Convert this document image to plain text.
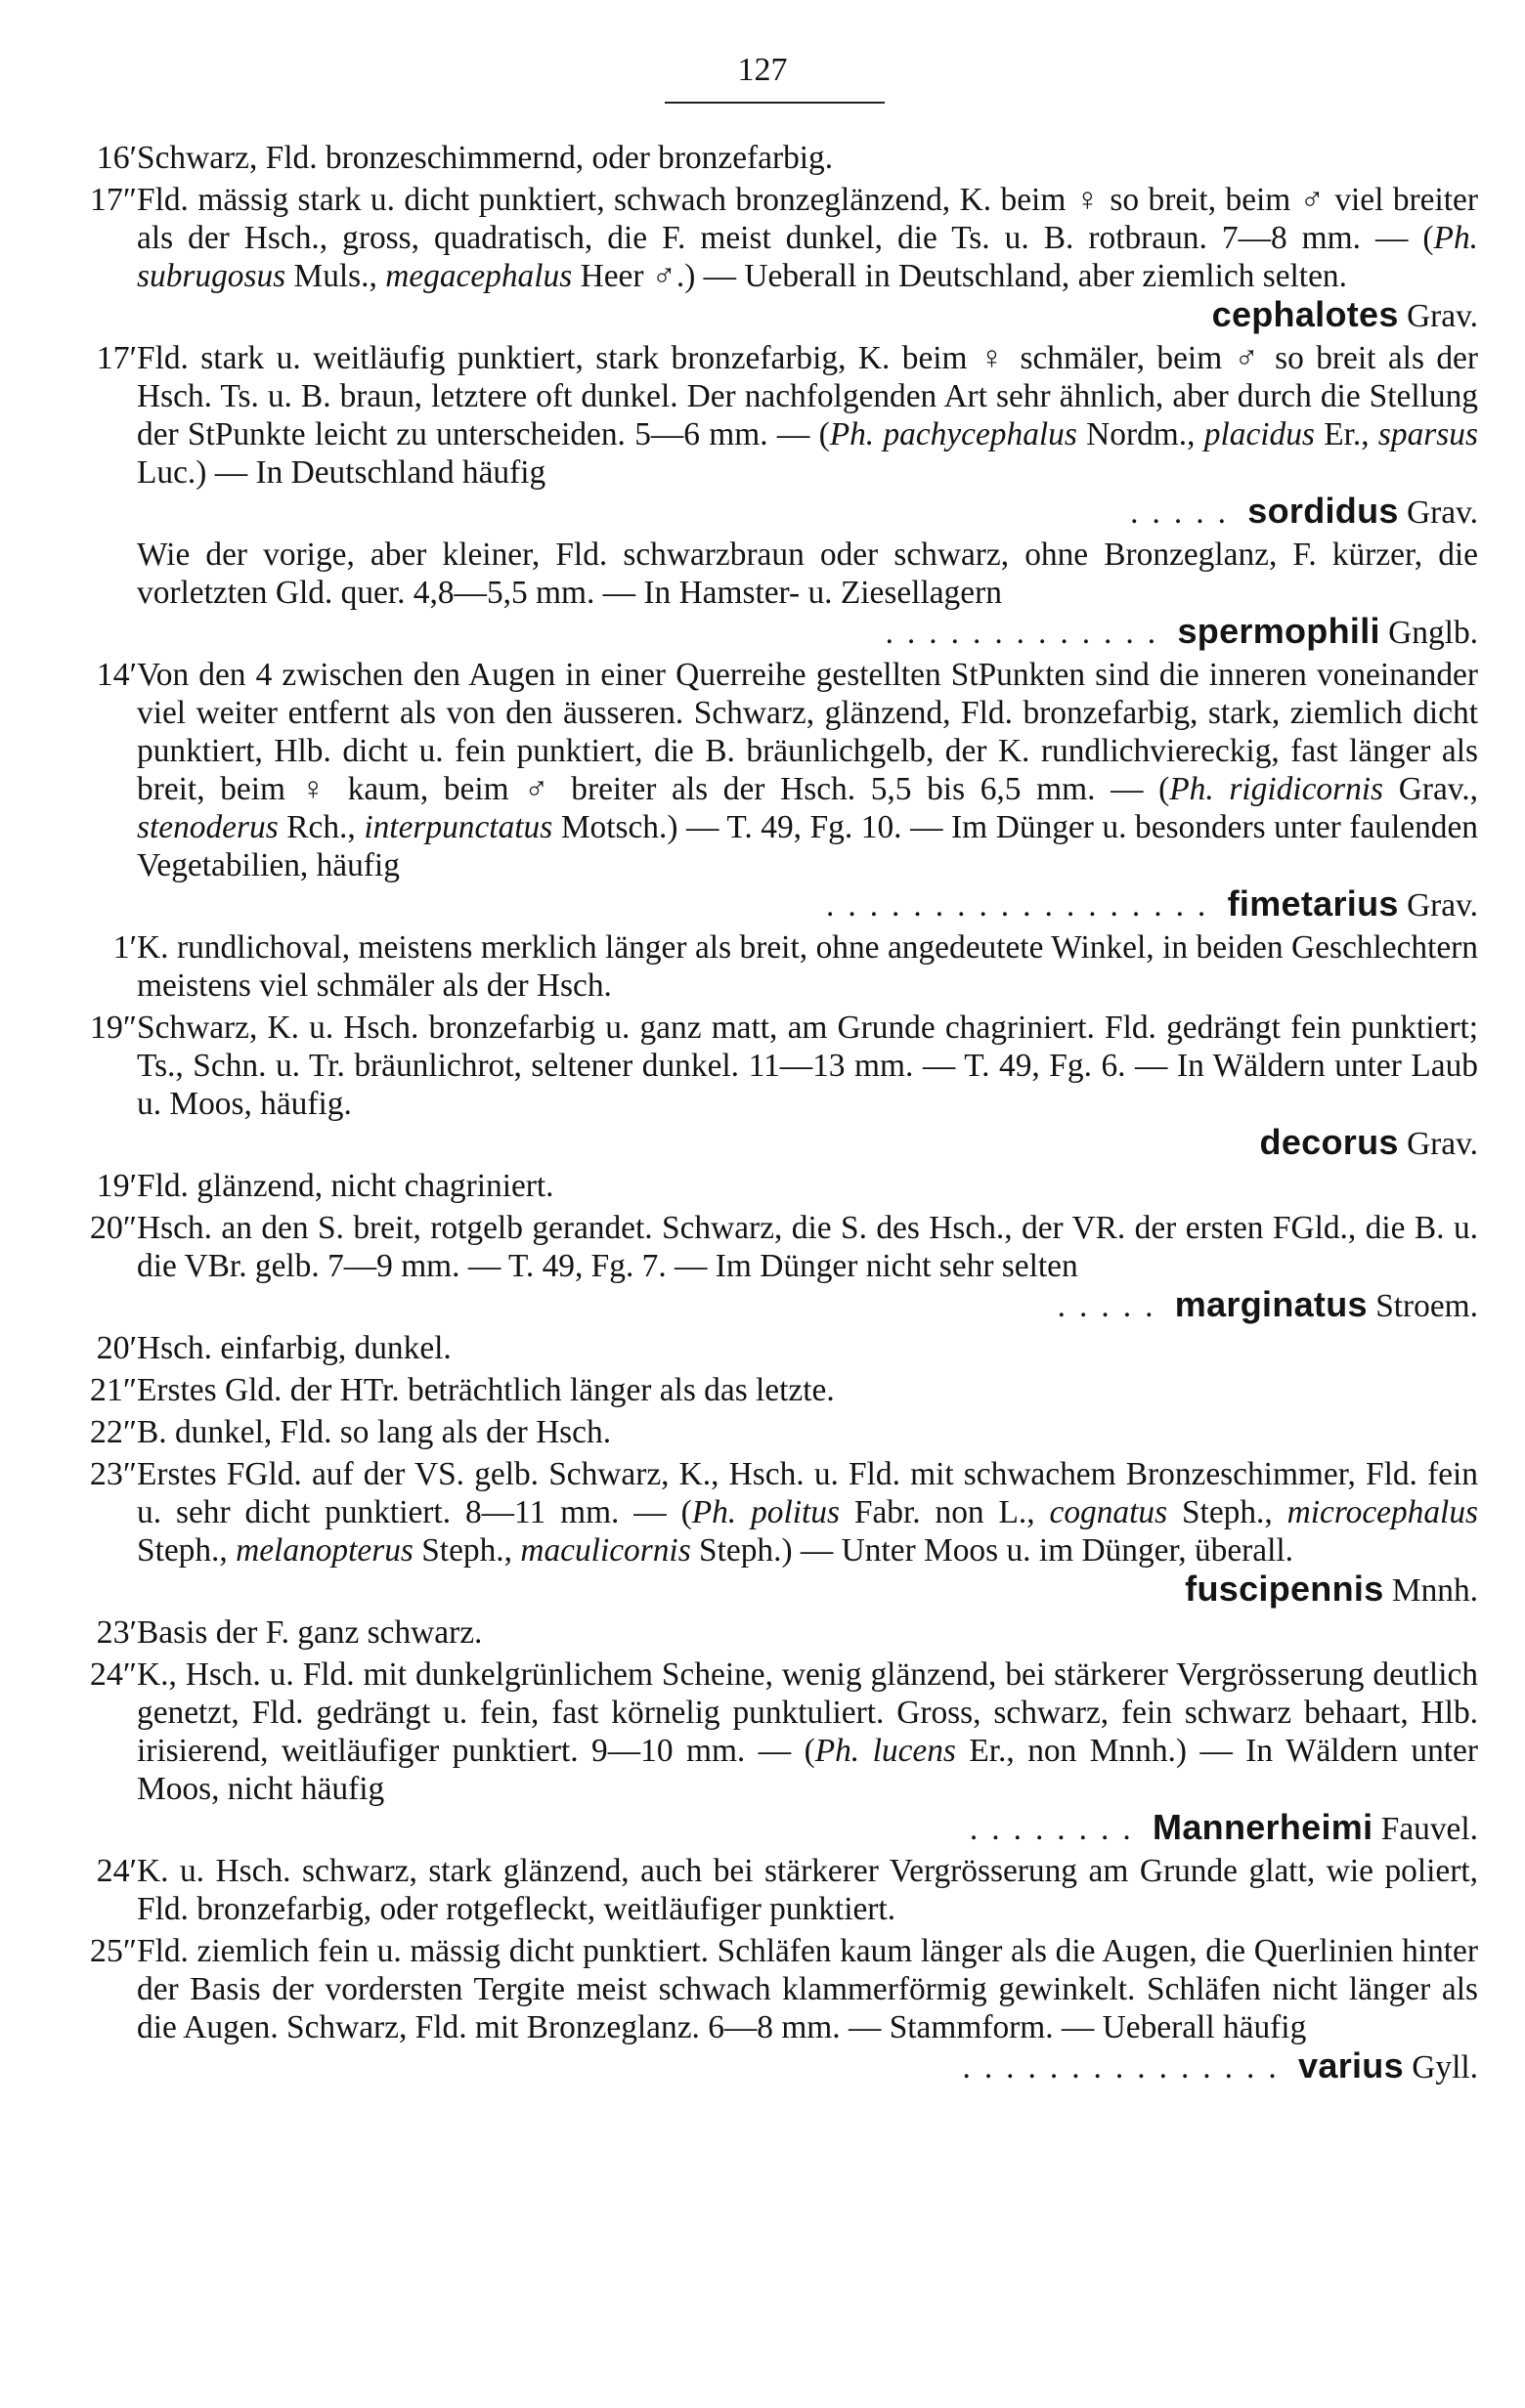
127
16′ Schwarz, Fld. bronzeschimmernd, oder bronzefarbig.
17″ Fld. mässig stark u. dicht punktiert, schwach bronzeglänzend, K. beim ♀ so breit, beim ♂ viel breiter als der Hsch., gross, quadratisch, die F. meist dunkel, die Ts. u. B. rotbraun. 7—8 mm. — (Ph. subrugosus Muls., megacephalus Heer ♂.) — Ueberall in Deutschland, aber ziemlich selten.
cephalotes Grav.
17′ Fld. stark u. weitläufig punktiert, stark bronzefarbig, K. beim ♀ schmäler, beim ♂ so breit als der Hsch. Ts. u. B. braun, letztere oft dunkel. Der nachfolgenden Art sehr ähnlich, aber durch die Stellung der StPunkte leicht zu unterscheiden. 5—6 mm. — (Ph. pachycephalus Nordm., placidus Er., sparsus Luc.) — In Deutschland häufig
..... sordidus Grav.
Wie der vorige, aber kleiner, Fld. schwarzbraun oder schwarz, ohne Bronzeglanz, F. kürzer, die vorletzten Gld. quer. 4,8—5,5 mm. — In Hamster- u. Ziesellagern
............. spermophili Gnglb.
14′ Von den 4 zwischen den Augen in einer Querreihe gestellten StPunkten sind die inneren voneinander viel weiter entfernt als von den äusseren. Schwarz, glänzend, Fld. bronzefarbig, stark, ziemlich dicht punktiert, Hlb. dicht u. fein punktiert, die B. bräunlichgelb, der K. rundlichviereckig, fast länger als breit, beim ♀ kaum, beim ♂ breiter als der Hsch. 5,5 bis 6,5 mm. — (Ph. rigidicornis Grav., stenoderus Rch., interpunctatus Motsch.) — T. 49, Fg. 10. — Im Dünger u. besonders unter faulenden Vegetabilien, häufig
.................. fimetarius Grav.
1′ K. rundlichoval, meistens merklich länger als breit, ohne angedeutete Winkel, in beiden Geschlechtern meistens viel schmäler als der Hsch.
19″ Schwarz, K. u. Hsch. bronzefarbig u. ganz matt, am Grunde chagriniert. Fld. gedrängt fein punktiert; Ts., Schn. u. Tr. bräunlichrot, seltener dunkel. 11—13 mm. — T. 49, Fg. 6. — In Wäldern unter Laub u. Moos, häufig.
decorus Grav.
19′ Fld. glänzend, nicht chagriniert.
20″ Hsch. an den S. breit, rotgelb gerandet. Schwarz, die S. des Hsch., der VR. der ersten FGld., die B. u. die VBr. gelb. 7—9 mm. — T. 49, Fg. 7. — Im Dünger nicht sehr selten
..... marginatus Stroem.
20′ Hsch. einfarbig, dunkel.
21″ Erstes Gld. der HTr. beträchtlich länger als das letzte.
22″ B. dunkel, Fld. so lang als der Hsch.
23″ Erstes FGld. auf der VS. gelb. Schwarz, K., Hsch. u. Fld. mit schwachem Bronzeschimmer, Fld. fein u. sehr dicht punktiert. 8—11 mm. — (Ph. politus Fabr. non L., cognatus Steph., microcephalus Steph., melanopterus Steph., maculicornis Steph.) — Unter Moos u. im Dünger, überall.
fuscipennis Mnnh.
23′ Basis der F. ganz schwarz.
24″ K., Hsch. u. Fld. mit dunkelgrünlichem Scheine, wenig glänzend, bei stärkerer Vergrösserung deutlich genetzt, Fld. gedrängt u. fein, fast körnelig punktuliert. Gross, schwarz, fein schwarz behaart, Hlb. irisierend, weitläufiger punktiert. 9—10 mm. — (Ph. lucens Er., non Mnnh.) — In Wäldern unter Moos, nicht häufig
........ Mannerheimi Fauvel.
24′ K. u. Hsch. schwarz, stark glänzend, auch bei stärkerer Vergrösserung am Grunde glatt, wie poliert, Fld. bronzefarbig, oder rotgefleckt, weitläufiger punktiert.
25″ Fld. ziemlich fein u. mässig dicht punktiert. Schläfen kaum länger als die Augen, die Querlinien hinter der Basis der vordersten Tergite meist schwach klammerförmig gewinkelt. Schläfen nicht länger als die Augen. Schwarz, Fld. mit Bronzeglanz. 6—8 mm. — Stammform. — Ueberall häufig
............... varius Gyll.
